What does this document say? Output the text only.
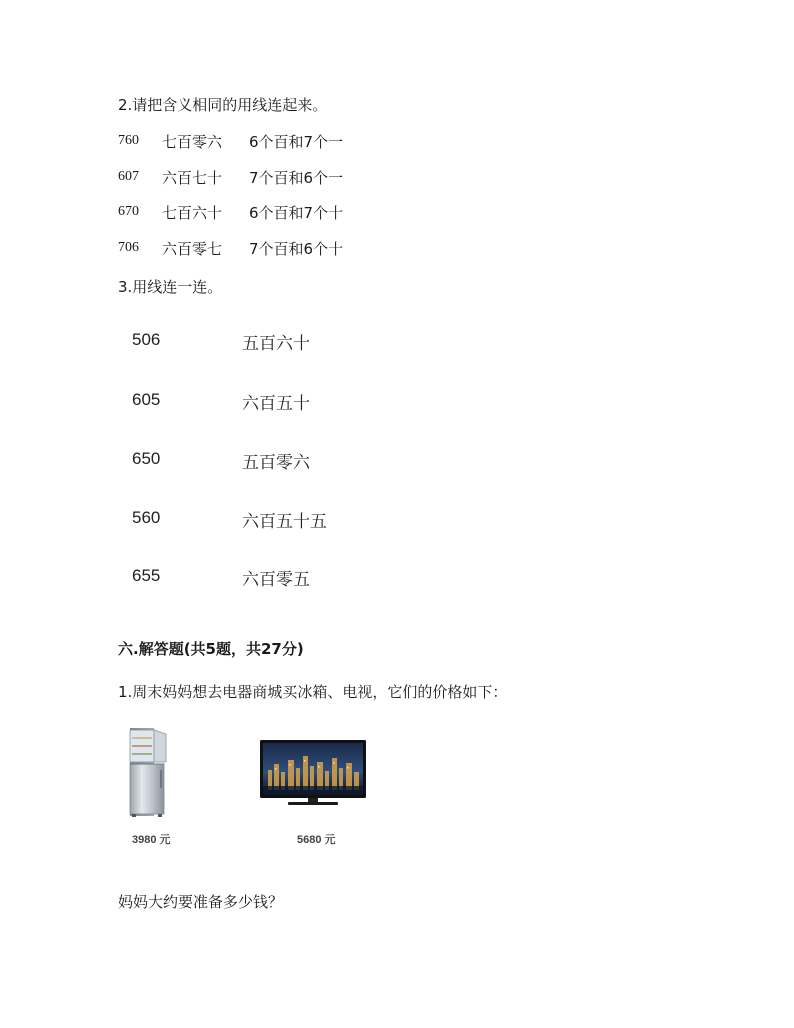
2.请把含义相同的用线连起来。
760 七百零六 6个百和7个一
607 六百七十 7个百和6个一
670 七百六十 6个百和7个十
706 六百零七 7个百和6个十
3.用线连一连。
506	五百六十
605	六百五十
650	五百零六
560	六百五十五
655	六百零五
六.解答题(共5题，共27分)
1.周末妈妈想去电器商城买冰箱、电视，它们的价格如下：
3980 元	5680 元
妈妈大约要准备多少钱？
